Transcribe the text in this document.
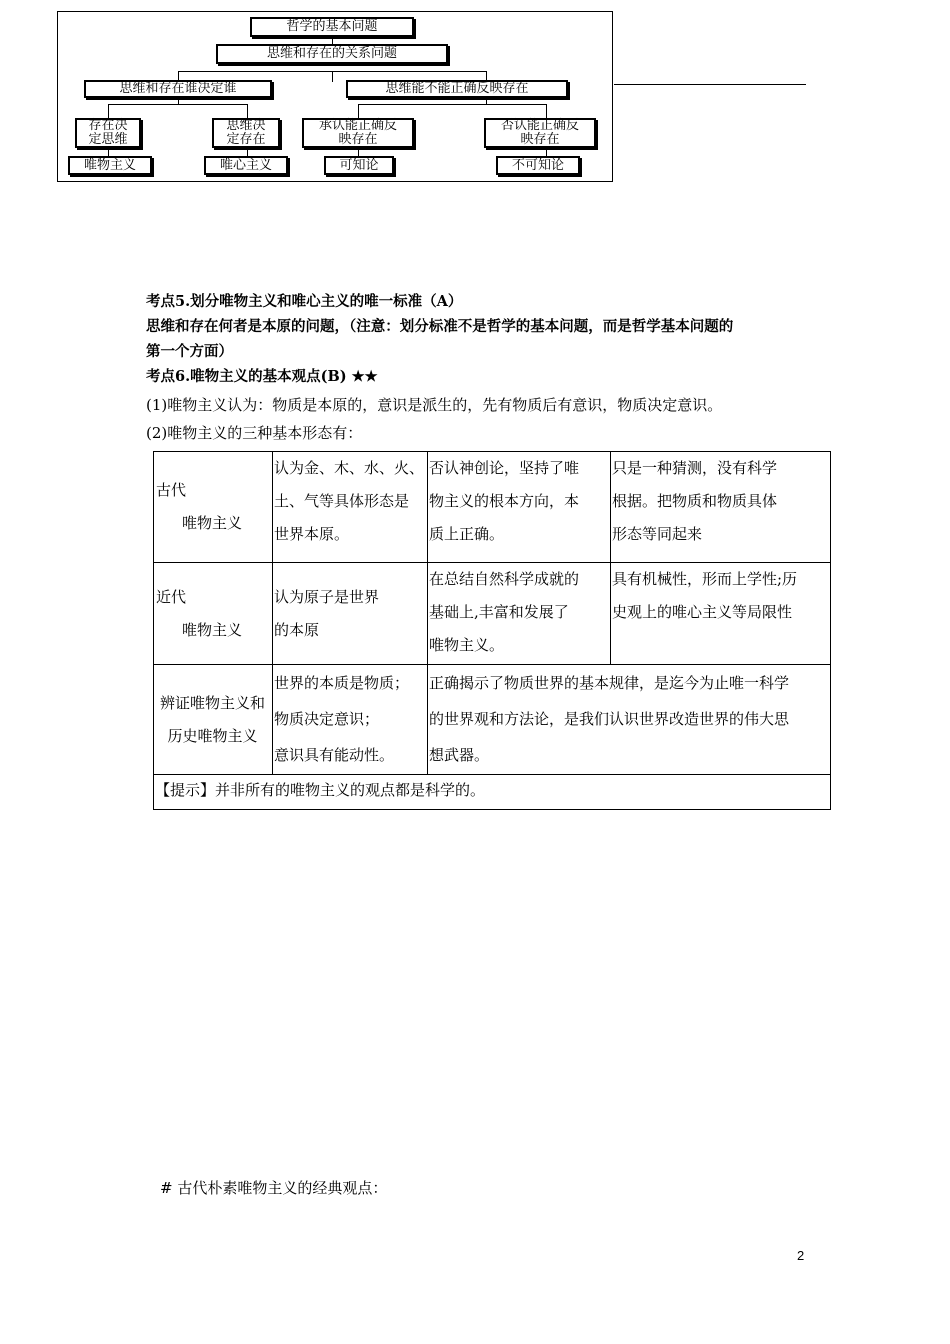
哲学的基本问题
思维和存在的关系问题
思维和存在谁决定谁	思维能不能正确反映存在
存在决定思维
思维决定存在
承认能正确反映存在
否认能正确反映存在
唯物主义	唯心主义	可知论	不可知论
考点5.划分唯物主义和唯心主义的唯一标准（A）
思维和存在何者是本原的问题，（注意：划分标准不是哲学的基本问题，而是哲学基本问题的
第一个方面）
考点6.唯物主义的基本观点(B) ★★
(1)唯物主义认为：物质是本原的，意识是派生的，先有物质后有意识，物质决定意识。
(2)唯物主义的三种基本形态有：
古代
唯物主义	认为金、木、水、火、
土、气等具体形态是
世界本原。	否认神创论，坚持了唯
物主义的根本方向，本
质上正确。	只是一种猜测，没有科学
根据。把物质和物质具体
形态等同起来

近代
唯物主义	认为原子是世界
的本原	在总结自然科学成就的
基础上,丰富和发展了
唯物主义。	具有机械性，形而上学性;历
史观上的唯心主义等局限性

辨证唯物主义和
历史唯物主义	世界的本质是物质；
物质决定意识；
意识具有能动性。	正确揭示了物质世界的基本规律，是迄今为止唯一科学
的世界观和方法论，是我们认识世界改造世界的伟大思
想武器。	

【提示】并非所有的唯物主义的观点都是科学的。			
# 古代朴素唯物主义的经典观点：
2
